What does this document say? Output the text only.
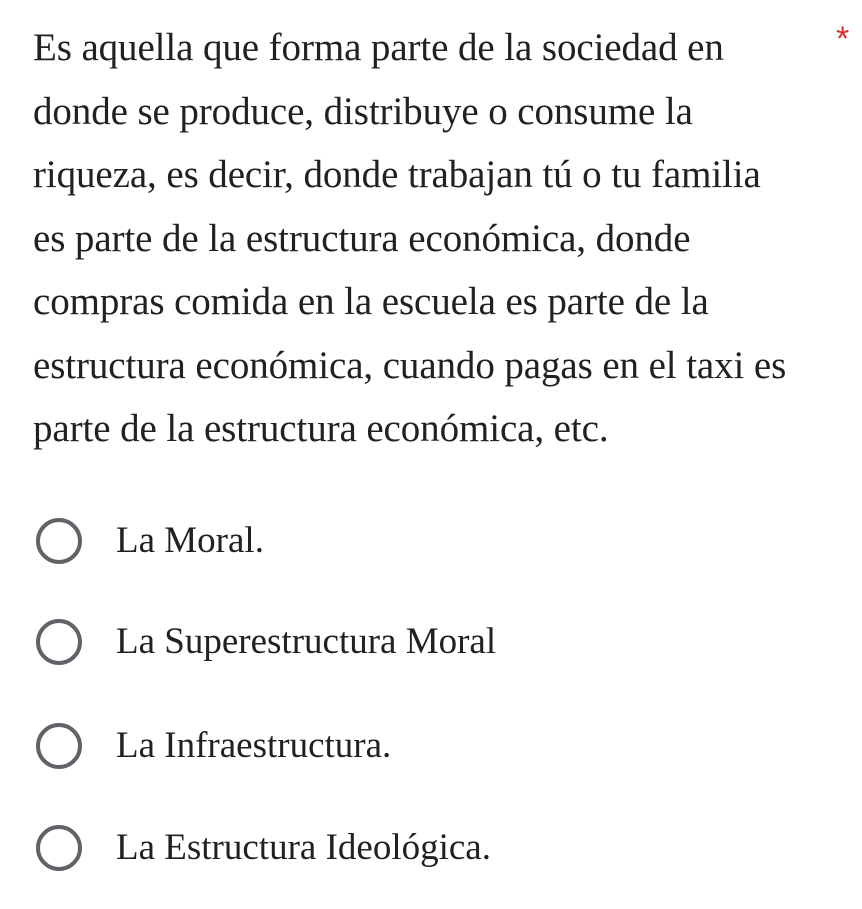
Es aquella que forma parte de la sociedad en
donde se produce, distribuye o consume la
riqueza, es decir, donde trabajan tú o tu familia
es parte de la estructura económica, donde
compras comida en la escuela es parte de la
estructura económica, cuando pagas en el taxi es
parte de la estructura económica, etc.
*
La Moral.
La Superestructura Moral
La Infraestructura.
La Estructura Ideológica.
